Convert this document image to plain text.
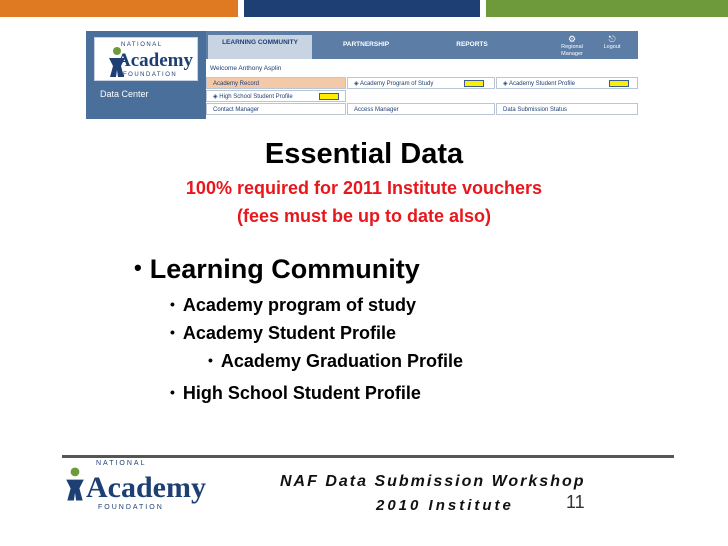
NATIONAL
Academy
FOUNDATION
Data Center
LEARNING COMMUNITY	PARTNERSHIP	REPORTS
⚙
Regional Manager
⎋
Logout
Welcome Anthony Asplin
Academy Record	◈ Academy Program of Study	◈ Academy Student Profile
◈ High School Student Profile
Contact Manager	Access Manager	Data Submission Status
Essential Data
100% required for 2011 Institute vouchers
(fees must be up to date also)
• Learning Community
• Academy program of study
• Academy Student Profile
• Academy Graduation Profile
• High School Student Profile
NATIONAL
Academy
FOUNDATION
NAF Data Submission Workshop
2010 Institute	11
